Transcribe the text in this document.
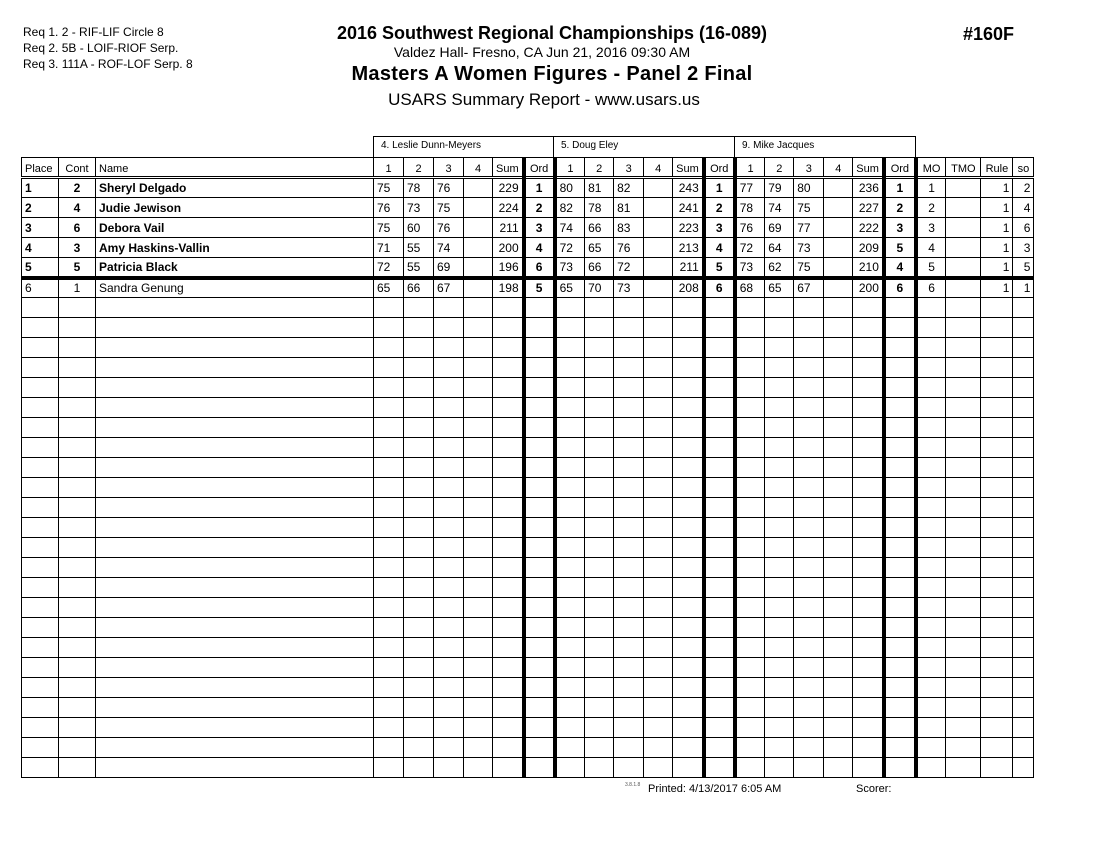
Req 1. 2 - RIF-LIF Circle 8
Req 2. 5B - LOIF-RIOF Serp.
Req 3. 111A - ROF-LOF Serp. 8
2016 Southwest Regional Championships (16-089)
Valdez Hall- Fresno, CA Jun 21, 2016 09:30 AM
Masters A Women Figures - Panel 2 Final
USARS Summary Report - www.usars.us
#160F
4. Leslie Dunn-Meyers	5. Doug Eley	9. Mike Jacques
Place	Cont	Name	1	2	3	4	Sum	Ord	1	2	3	4	Sum	Ord	1	2	3	4	Sum	Ord	MO	TMO	Rule	so
1	2	Sheryl Delgado	75	78	76		229	1	80	81	82		243	1	77	79	80		236	1	1		1	2
2	4	Judie Jewison	76	73	75		224	2	82	78	81		241	2	78	74	75		227	2	2		1	4
3	6	Debora Vail	75	60	76		211	3	74	66	83		223	3	76	69	77		222	3	3		1	6
4	3	Amy Haskins-Vallin	71	55	74		200	4	72	65	76		213	4	72	64	73		209	5	4		1	3
5	5	Patricia Black	72	55	69		196	6	73	66	72		211	5	73	62	75		210	4	5		1	5
6	1	Sandra Genung	65	66	67		198	5	65	70	73		208	6	68	65	67		200	6	6		1	1

3.8.1.8 Printed: 4/13/2017 6:05 AM	Scorer:
